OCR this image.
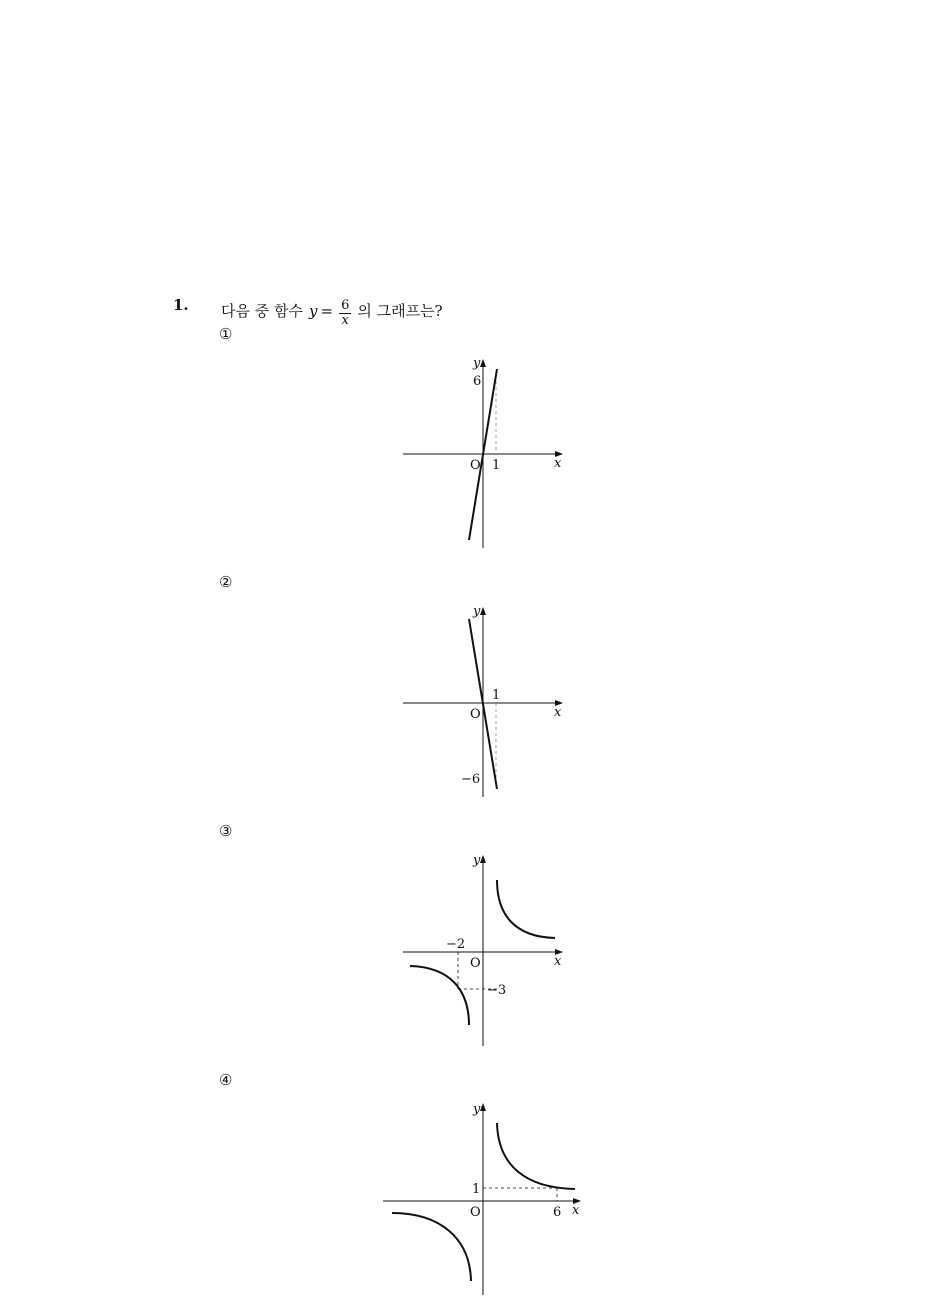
1. 다음 중 함수 $y = \frac{6}{x}$ 의 그래프는?
①
y
6
O 1	x
②
y
1
O	x
−6
③
y
−2
O	x
−3
④
y
1
O	6 x
